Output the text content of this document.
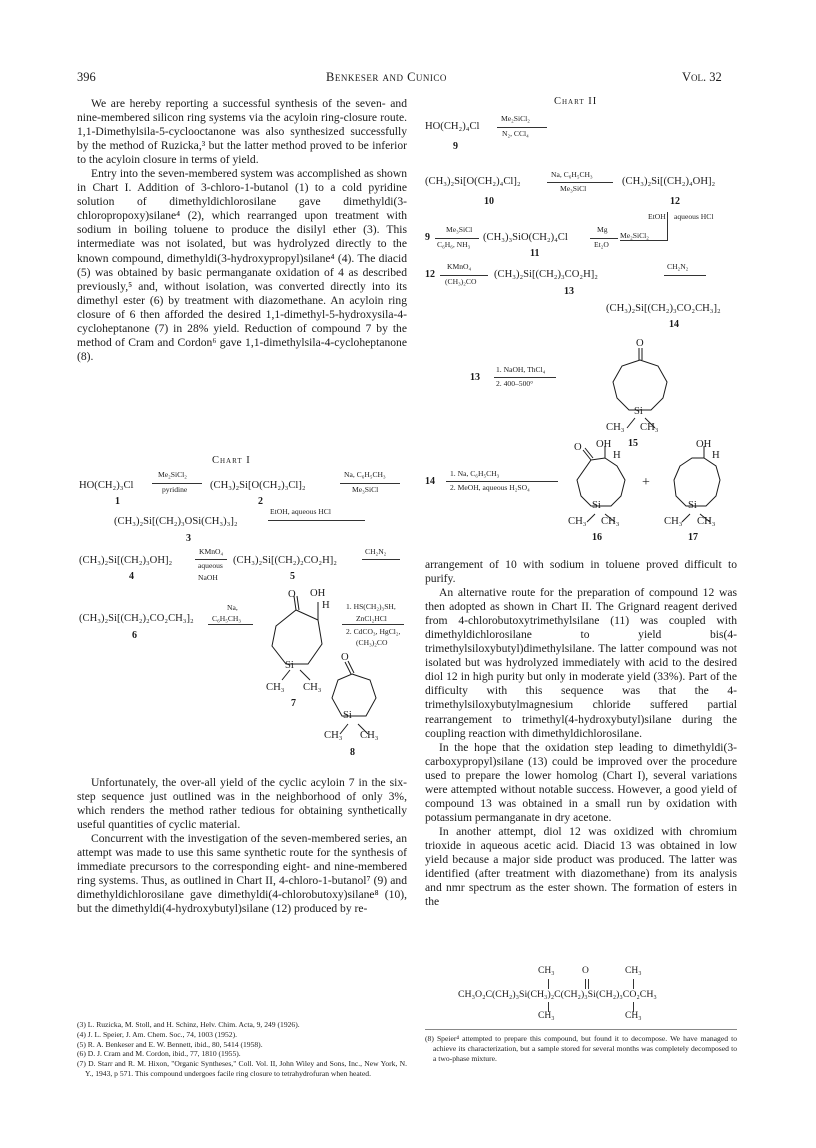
396	Benkeser and Cunico	Vol. 32

We are hereby reporting a successful synthesis of the seven- and nine-membered silicon ring systems via the acyloin ring-closure route. 1,1-Dimethylsila-5-cyclooctanone was also synthesized successfully by the method of Ruzicka,³ but the latter method proved to be inferior to the acyloin closure in terms of yield.

Entry into the seven-membered system was accomplished as shown in Chart I. Addition of 3-chloro-1-butanol (1) to a cold pyridine solution of dimethyldichlorosilane gave dimethyldi(3-chloropropoxy)silane⁴ (2), which rearranged upon treatment with sodium in boiling toluene to produce the disilyl ether (3). This intermediate was not isolated, but was hydrolyzed directly to the known compound, dimethyldi(3-hydroxypropyl)silane⁴ (4). The diacid (5) was obtained by basic permanganate oxidation of 4 as described previously,⁵ and, without isolation, was converted directly into its dimethyl ester (6) by treatment with diazomethane. An acyloin ring closure of 6 then afforded the desired 1,1-dimethyl-5-hydroxysila-4-cycloheptanone (7) in 28% yield. Reduction of compound 7 by the method of Cram and Cordon⁶ gave 1,1-dimethylsila-4-cycloheptanone (8).

Chart I
HO(CH₂)₃Cl
1
Me₂SiCl₂
pyridine (CH₃)₂Si[O(CH₂)₃Cl]₂
2
Na, C₆H₅CH₃
Me₃SiCl
(CH₃)₂Si[(CH₂)₃OSi(CH₃)₃]₂
3
EtOH, aqueous HCl
(CH₃)₂Si[(CH₂)₃OH]₂
4
KMnO₄
aqueous
NaOH
(CH₃)₂Si[(CH₂)₂CO₂H]₂
5
CH₂N₂
(CH₃)₂Si[(CH₂)₂CO₂CH₃]₂
6
Na,
C₆H₅CH₃
O OH
H
Si
CH₃ CH₃
7
1. HS(CH₂)₃SH,
ZnCl₂HCl
2. CdCO₃, HgCl₂,
(CH₃)₂CO
O
Si
CH₃ CH₃
8

Unfortunately, the over-all yield of the cyclic acyloin 7 in the six-step sequence just outlined was in the neighborhood of only 3%, which renders the method rather tedious for obtaining synthetically useful quantities of cyclic material.

Concurrent with the investigation of the seven-membered series, an attempt was made to use this same synthetic route for the synthesis of immediate precursors to the corresponding eight- and nine-membered ring systems. Thus, as outlined in Chart II, 4-chloro-1-butanol⁷ (9) and dimethyldichlorosilane gave dimethyldi(4-chlorobutoxy)silane⁸ (10), but the dimethyldi(4-hydroxybutyl)silane (12) produced by re-

(3) L. Ruzicka, M. Stoll, and H. Schinz, Helv. Chim. Acta, 9, 249 (1926).
(4) J. L. Speier, J. Am. Chem. Soc., 74, 1003 (1952).
(5) R. A. Benkeser and E. W. Bennett, ibid., 80, 5414 (1958).
(6) D. J. Cram and M. Cordon, ibid., 77, 1810 (1955).
(7) D. Starr and R. M. Hixon, "Organic Syntheses," Coll. Vol. II, John Wiley and Sons, Inc., New York, N. Y., 1943, p 571. This compound undergoes facile ring closure to tetrahydrofuran when heated.
Chart II
HO(CH₂)₄Cl
9
Me₂SiCl₂
N₂, CCl₄
(CH₃)₂Si[O(CH₂)₄Cl]₂
10
Na, C₆H₅CH₃
Me₃SiCl
(CH₃)₂Si[(CH₂)₄OH]₂
12
EtOH aqueous HCl
9
Me₃SiCl
C₆H₆, NH₃
(CH₃)₃SiO(CH₂)₄Cl
11
Mg
Et₂O
Me₂SiCl₂
12
KMnO₄
(CH₃)₂CO
(CH₃)₂Si[(CH₂)₃CO₂H]₂
13
CH₂N₂
(CH₃)₂Si[(CH₂)₃CO₂CH₃]₂
14
13
1. NaOH, ThCl₄
2. 400–500°
O
Si
CH₃ CH₃
15
14
1. Na, C₆H₅CH₃
2. MeOH, aqueous H₂SO₄
O OH
H
Si
CH₃ CH₃
16
+
OH
H
Si
CH₃ CH₃
17

arrangement of 10 with sodium in toluene proved difficult to purify.

An alternative route for the preparation of compound 12 was then adopted as shown in Chart II. The Grignard reagent derived from 4-chlorobutoxytrimethylsilane (11) was coupled with dimethyldichlorosilane to yield bis(4-trimethylsiloxybutyl)dimethylsilane. The latter compound was not isolated but was hydrolyzed immediately with acid to the desired diol 12 in high purity but only in moderate yield (33%). Part of the difficulty with this sequence was that the 4-trimethylsiloxybutylmagnesium chloride suffered partial rearrangement to trimethyl(4-hydroxybutyl)silane during the coupling reaction with dimethyldichlorosilane.

In the hope that the oxidation step leading to dimethyldi(3-carboxypropyl)silane (13) could be improved over the procedure used to prepare the lower homolog (Chart I), several variations were attempted without notable success. However, a good yield of compound 13 was obtained in a small run by oxidation with potassium permanganate in dry acetone.

In another attempt, diol 12 was oxidized with chromium trioxide in aqueous acetic acid. Diacid 13 was obtained in low yield because a major side product was produced. The latter was identified (after treatment with diazomethane) from its analysis and nmr spectrum as the ester shown. The formation of esters in the

CH₃	O	CH₃
CH₃O₂C(CH₂)₃Si(CH₃)₂C(CH₂)₃Si(CH₂)₃CO₂CH₃
CH₃	CH₃
(8) Speier⁴ attempted to prepare this compound, but found it to decompose. We have managed to achieve its characterization, but a sample stored for several months was completely decomposed to a two-phase mixture.
